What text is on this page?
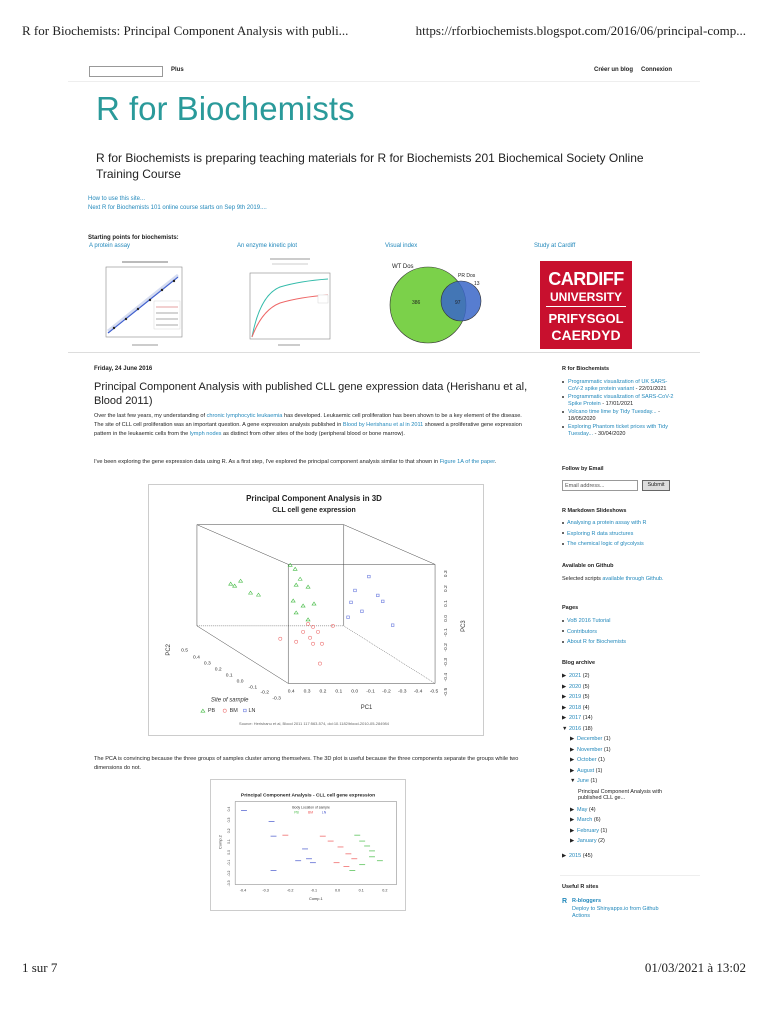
R for Biochemists: Principal Component Analysis with publi...	https://rforbiochemists.blogspot.com/2016/06/principal-comp...
1 sur 7	01/03/2021 à 13:02
Plus	Créer un blog Connexion
R for Biochemists
R for Biochemists is preparing teaching materials for R for Biochemists 201 Biochemical Society Online Training Course
How to use this site...
Next R for Biochemists 101 online course starts on Sep 9th 2019....
Starting points for biochemists:
A protein assay	An enzyme kinetic plot	Visual index	Study at Cardiff
WT Dos
PR Dos
13
386	97
CARDIFF
UNIVERSITY
PRIFYSGOL
CAERDYD
Friday, 24 June 2016
Principal Component Analysis with published CLL gene expression data (Herishanu et al, Blood 2011)
Over the last few years, my understanding of chronic lymphocytic leukaemia has developed. Leukaemic cell proliferation has been shown to be a key element of the disease. The site of CLL cell proliferation was an important question. A gene expression analysis published in Blood by Herishanu et al in 2011 showed a proliferative gene expression pattern in the leukaemic cells from the lymph nodes as distinct from other sites of the body (peripheral blood or bone marrow).
I've been exploring the gene expression data using R. As a first step, I've explored the principal component analysis similar to that shown in Figure 1A of the paper.
Principal Component Analysis in 3D
CLL cell gene expression
0.4 0.3 0.2 0.1 0.0 -0.1 -0.2 -0.3 -0.4 -0.5
PC1
0.5
0.4
0.3
0.2
0.1
0.0
-0.1
-0.2
-0.3
PC2
0.3
0.2
0.1
0.0
-0.1
-0.2
-0.3
-0.4
-0.5
PC3
Site of sample
PB	BM LN
Source: Herishanu et al, Blood 2011 117:563-574, doi:10.1182/blood-2010-05-284984
The PCA is convincing because the three groups of samples cluster among themselves. The 3D plot is useful because the three components separate the groups while two dimensions do not.
Principal Component Analysis - CLL cell gene expression
Body Location of sample
PB	BM LN
-0.4	-0.3	-0.2	-0.1	0.0	0.1	0.2
Comp.1
0.4
0.3
0.2
0.1
0.0
-0.1
-0.2
-0.3
Comp.2
R for Biochemists
Programmatic visualization of UK SARS-CoV-2 spike protein variant - 22/01/2021
Programmatic visualization of SARS-CoV-2 Spike Protein - 17/01/2021
Volcano time lime by Tidy Tuesday... - 18/05/2020
Exploring Phantom ticket prices with Tidy Tuesday... - 30/04/2020
Follow by Email
Email address...	Submit
R Markdown Slideshows
Analysing a protein assay with R
Exploring R data structures
The chemical logic of glycolysis
Available on Github
Selected scripts available through Github.
Pages
VoB 2016 Tutorial
Contributors
About R for Biochemists
Blog archive
▶ 2021 (2)
▶ 2020 (5)
▶ 2019 (5)
▶ 2018 (4)
▶ 2017 (14)
▼ 2016 (18)
▶ December (1)
▶ November (1)
▶ October (1)
▶ August (1)
▼ June (1)
Principal Component Analysis with published CLL ge...
▶ May (4)
▶ March (6)
▶ February (1)
▶ January (2)
▶ 2015 (45)
Useful R sites
R R-bloggers
Deploy to Shinyapps.io from Github Actions
